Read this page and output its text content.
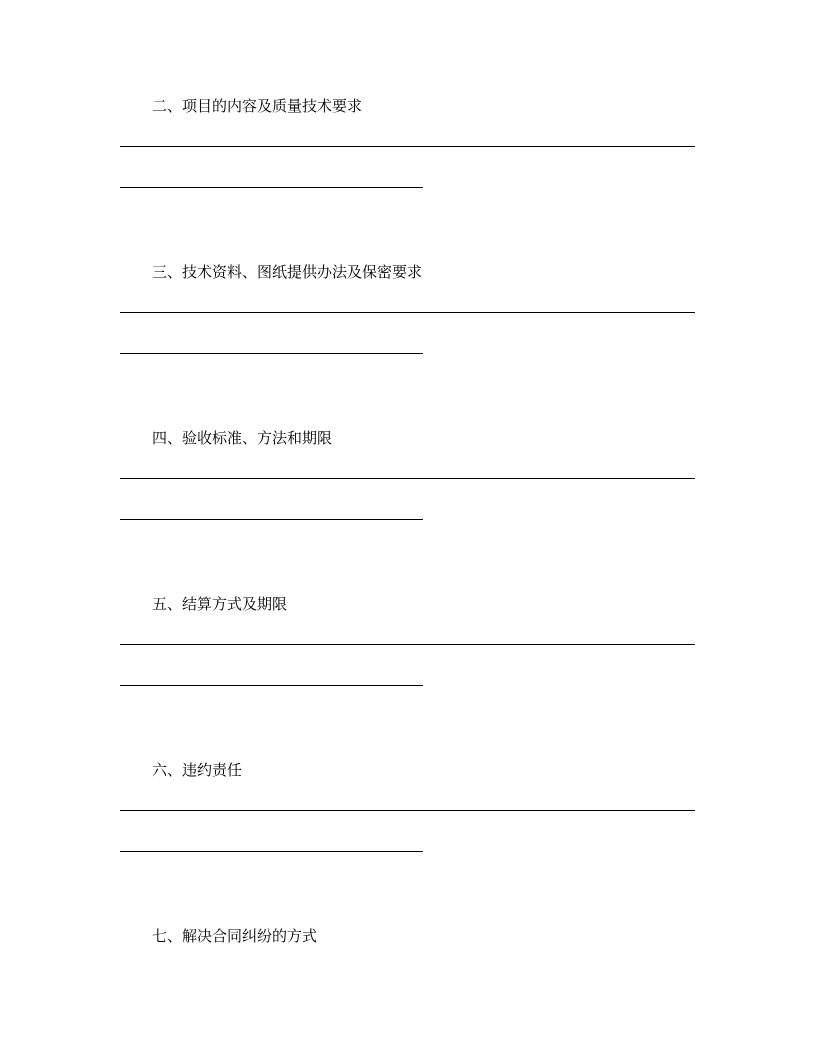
二、项目的内容及质量技术要求
三、技术资料、图纸提供办法及保密要求
四、验收标准、方法和期限
五、结算方式及期限
六、违约责任
七、解决合同纠纷的方式
